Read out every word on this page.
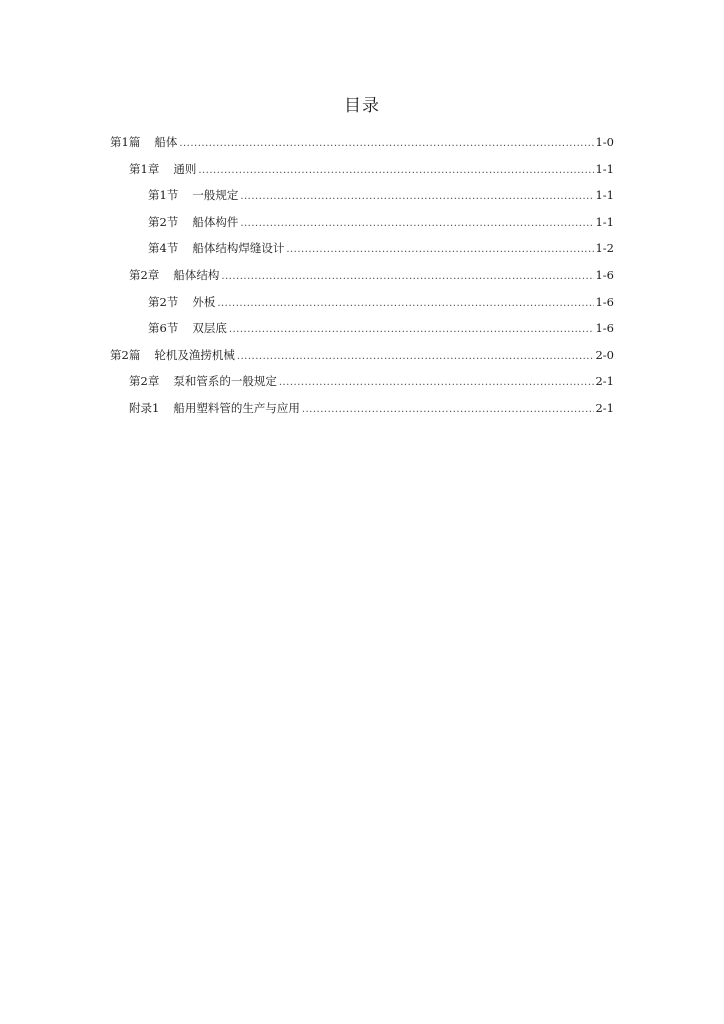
目录
第1篇 船体 .....	1-0
第1章 通则 .....	1-1
第1节 一般规定 .....	1-1
第2节 船体构件 .....	1-1
第4节 船体结构焊缝设计 .....	1-2
第2章 船体结构 .....	1-6
第2节 外板 .....	1-6
第6节 双层底 .....	1-6
第2篇 轮机及渔捞机械 .....	2-0
第2章 泵和管系的一般规定 .....	2-1
附录1 船用塑料管的生产与应用 .....	2-1
